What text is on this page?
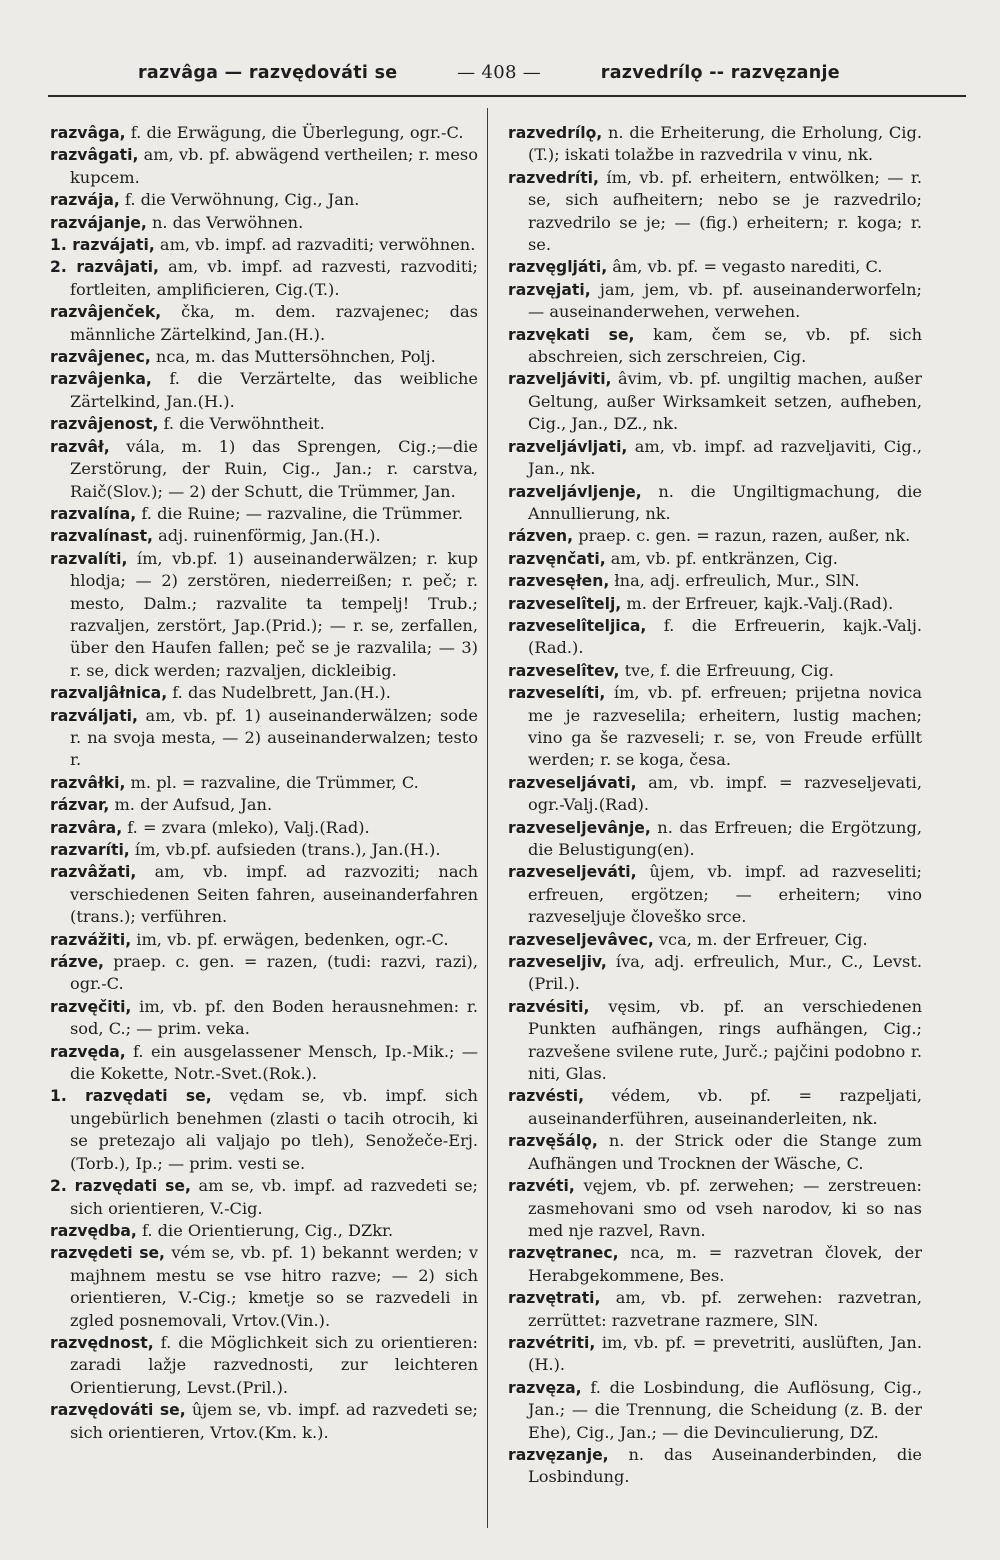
razvâga — razvędováti se	— 408 —	razvedrílǫ -- razvęzanje

razvâga, f. die Erwägung, die Überlegung, ogr.-C.

razvâgati, am, vb. pf. abwägend vertheilen; r. meso kupcem.

razvája, f. die Verwöhnung, Cig., Jan.

razvájanje, n. das Verwöhnen.

1. razvájati, am, vb. impf. ad razvaditi; verwöhnen.

2. razvâjati, am, vb. impf. ad razvesti, razvoditi; fortleiten, amplificieren, Cig.(T.).

razvâjenček, čka, m. dem. razvajenec; das männliche Zärtelkind, Jan.(H.).

razvâjenec, nca, m. das Muttersöhnchen, Polj.

razvâjenka, f. die Verzärtelte, das weibliche Zärtelkind, Jan.(H.).

razvâjenost, f. die Verwöhntheit.

razvâł, vála, m. 1) das Sprengen, Cig.;—die Zerstörung, der Ruin, Cig., Jan.; r. carstva, Raič(Slov.); — 2) der Schutt, die Trümmer, Jan.

razvalína, f. die Ruine; — razvaline, die Trümmer.

razvalínast, adj. ruinenförmig, Jan.(H.).

razvalíti, ím, vb.pf. 1) auseinanderwälzen; r. kup hlodja; — 2) zerstören, niederreißen; r. peč; r. mesto, Dalm.; razvalite ta tempelj! Trub.; razvaljen, zerstört, Jap.(Prid.); — r. se, zerfallen, über den Haufen fallen; peč se je razvalila; — 3) r. se, dick werden; razvaljen, dickleibig.

razvaljâłnica, f. das Nudelbrett, Jan.(H.).

razváljati, am, vb. pf. 1) auseinanderwälzen; sode r. na svoja mesta, — 2) auseinanderwalzen; testo r.

razvâłki, m. pl. = razvaline, die Trümmer, C.

rázvar, m. der Aufsud, Jan.

razvâra, f. = zvara (mleko), Valj.(Rad).

razvaríti, ím, vb.pf. aufsieden (trans.), Jan.(H.).

razvâžati, am, vb. impf. ad razvoziti; nach verschiedenen Seiten fahren, auseinanderfahren (trans.); verführen.

razvážiti, im, vb. pf. erwägen, bedenken, ogr.-C.

rázve, praep. c. gen. = razen, (tudi: razvi, razi), ogr.-C.

razvęčiti, im, vb. pf. den Boden herausnehmen: r. sod, C.; — prim. veka.

razvęda, f. ein ausgelassener Mensch, Ip.-Mik.; — die Kokette, Notr.-Svet.(Rok.).

1. razvędati se, vędam se, vb. impf. sich ungebürlich benehmen (zlasti o tacih otrocih, ki se pretezajo ali valjajo po tleh), Senožeče-Erj.(Torb.), Ip.; — prim. vesti se.

2. razvędati se, am se, vb. impf. ad razvedeti se; sich orientieren, V.-Cig.

razvędba, f. die Orientierung, Cig., DZkr.

razvędeti se, vém se, vb. pf. 1) bekannt werden; v majhnem mestu se vse hitro razve; — 2) sich orientieren, V.-Cig.; kmetje so se razvedeli in zgled posnemovali, Vrtov.(Vin.).

razvędnost, f. die Möglichkeit sich zu orientieren: zaradi lažje razvednosti, zur leichteren Orientierung, Levst.(Pril.).

razvędováti se, ûjem se, vb. impf. ad razvedeti se; sich orientieren, Vrtov.(Km. k.).

razvedrílǫ, n. die Erheiterung, die Erholung, Cig.(T.); iskati tolažbe in razvedrila v vinu, nk.

razvedríti, ím, vb. pf. erheitern, entwölken; — r. se, sich aufheitern; nebo se je razvedrilo; razvedrilo se je; — (fig.) erheitern; r. koga; r. se.

razvęgljáti, âm, vb. pf. = vegasto narediti, C.

razvęjati, jam, jem, vb. pf. auseinanderworfeln; — auseinanderwehen, verwehen.

razvękati se, kam, čem se, vb. pf. sich abschreien, sich zerschreien, Cig.

razveljáviti, âvim, vb. pf. ungiltig machen, außer Geltung, außer Wirksamkeit setzen, aufheben, Cig., Jan., DZ., nk.

razveljávljati, am, vb. impf. ad razveljaviti, Cig., Jan., nk.

razveljávljenje, n. die Ungiltigmachung, die Annullierung, nk.

rázven, praep. c. gen. = razun, razen, außer, nk.

razvęnčati, am, vb. pf. entkränzen, Cig.

razvesęłen, łna, adj. erfreulich, Mur., SlN.

razveselîtelj, m. der Erfreuer, kajk.-Valj.(Rad).

razveselîteljica, f. die Erfreuerin, kajk.-Valj.(Rad.).

razveselîtev, tve, f. die Erfreuung, Cig.

razveselíti, ím, vb. pf. erfreuen; prijetna novica me je razveselila; erheitern, lustig machen; vino ga še razveseli; r. se, von Freude erfüllt werden; r. se koga, česa.

razveseljávati, am, vb. impf. = razveseljevati, ogr.-Valj.(Rad).

razveseljevânje, n. das Erfreuen; die Ergötzung, die Belustigung(en).

razveseljeváti, ûjem, vb. impf. ad razveseliti; erfreuen, ergötzen; — erheitern; vino razveseljuje človeško srce.

razveseljevâvec, vca, m. der Erfreuer, Cig.

razveseljiv, íva, adj. erfreulich, Mur., C., Levst.(Pril.).

razvésiti, vęsim, vb. pf. an verschiedenen Punkten aufhängen, rings aufhängen, Cig.; razvešene svilene rute, Jurč.; pajčini podobno r. niti, Glas.

razvésti, védem, vb. pf. = razpeljati, auseinanderführen, auseinanderleiten, nk.

razvęšálǫ, n. der Strick oder die Stange zum Aufhängen und Trocknen der Wäsche, C.

razvéti, vęjem, vb. pf. zerwehen; — zerstreuen: zasmehovani smo od vseh narodov, ki so nas med nje razvel, Ravn.

razvętranec, nca, m. = razvetran človek, der Herabgekommene, Bes.

razvętrati, am, vb. pf. zerwehen: razvetran, zerrüttet: razvetrane razmere, SlN.

razvétriti, im, vb. pf. = prevetriti, auslüften, Jan.(H.).

razvęza, f. die Losbindung, die Auflösung, Cig., Jan.; — die Trennung, die Scheidung (z. B. der Ehe), Cig., Jan.; — die Devinculierung, DZ.

razvęzanje, n. das Auseinanderbinden, die Losbindung.
